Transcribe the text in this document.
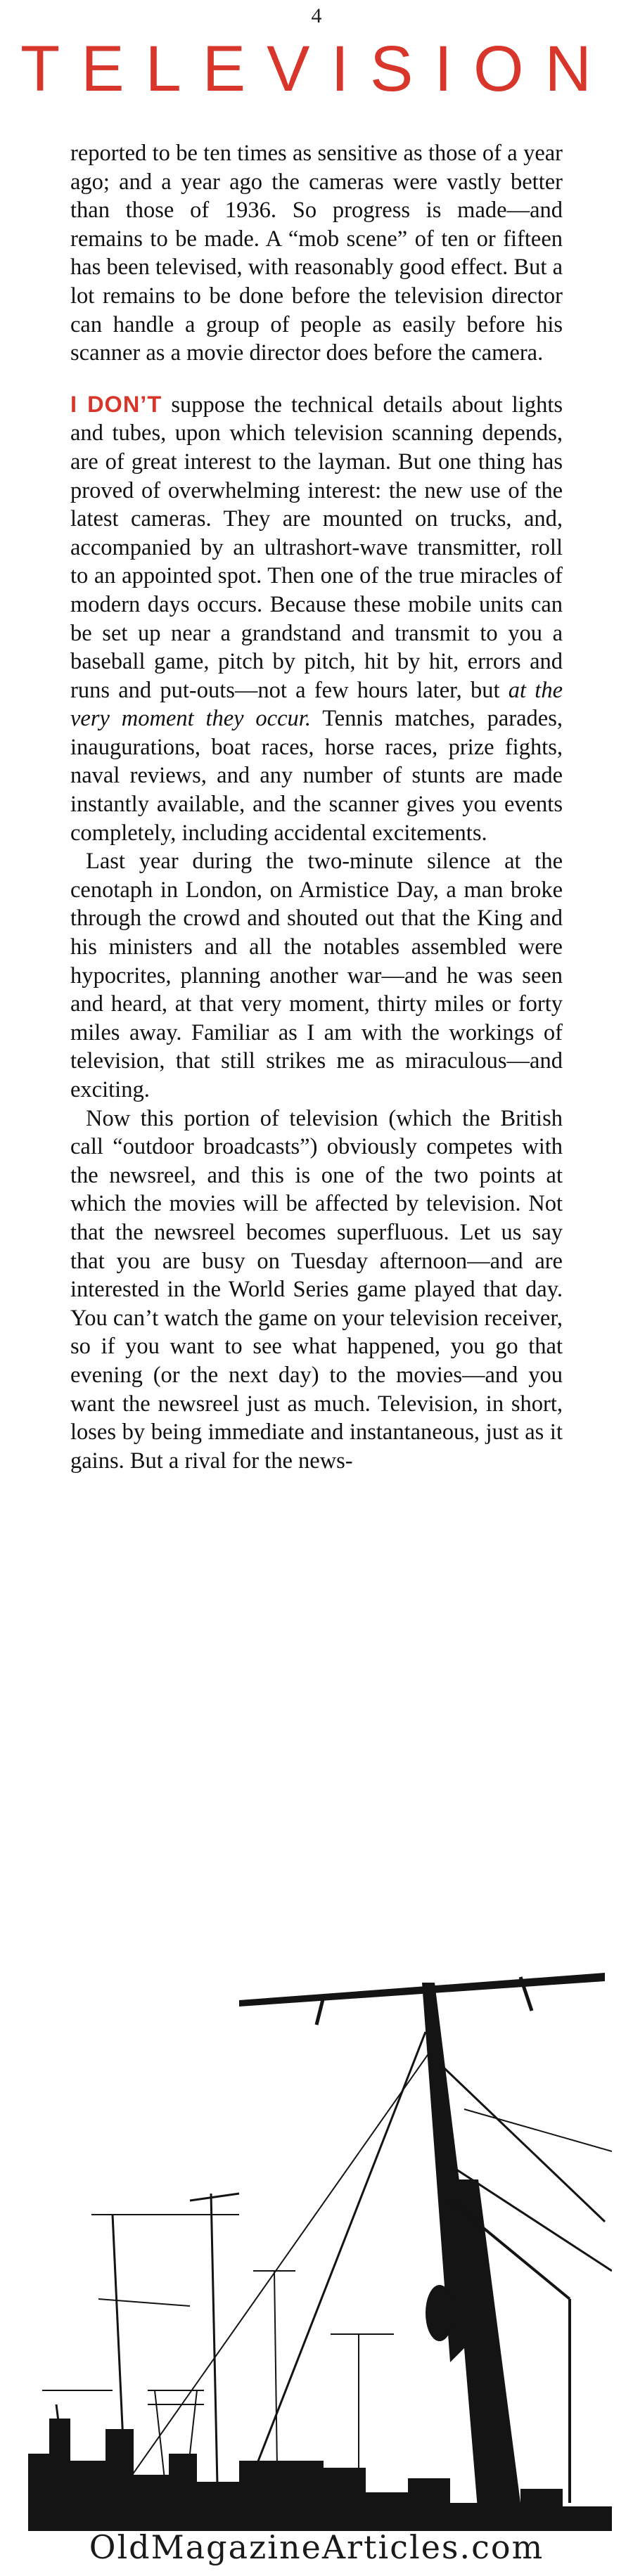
4
TELEVISION

reported to be ten times as sensitive as those of a year ago; and a year ago the cameras were vastly better than those of 1936. So progress is made—and remains to be made. A “mob scene” of ten or fifteen has been televised, with reasonably good effect. But a lot remains to be done before the television director can handle a group of people as easily before his scanner as a movie director does before the camera.

I DON’T suppose the technical details about lights and tubes, upon which television scanning depends, are of great interest to the layman. But one thing has proved of overwhelming interest: the new use of the latest cameras. They are mounted on trucks, and, accompanied by an ultrashort-wave transmitter, roll to an appointed spot. Then one of the true miracles of modern days occurs. Because these mobile units can be set up near a grandstand and transmit to you a baseball game, pitch by pitch, hit by hit, errors and runs and put-outs—not a few hours later, but at the very moment they occur. Tennis matches, parades, inaugurations, boat races, horse races, prize fights, naval reviews, and any number of stunts are made instantly available, and the scanner gives you events completely, including accidental excitements.

Last year during the two-minute silence at the cenotaph in London, on Armistice Day, a man broke through the crowd and shouted out that the King and his ministers and all the notables assembled were hypocrites, planning another war—and he was seen and heard, at that very moment, thirty miles or forty miles away. Familiar as I am with the workings of television, that still strikes me as miraculous—and exciting.

Now this portion of television (which the British call “outdoor broadcasts”) obviously competes with the newsreel, and this is one of the two points at which the movies will be affected by television. Not that the newsreel becomes superfluous. Let us say that you are busy on Tuesday afternoon—and are interested in the World Series game played that day. You can’t watch the game on your television receiver, so if you want to see what happened, you go that evening (or the next day) to the movies—and you want the newsreel just as much. Television, in short, loses by being immediate and instantaneous, just as it gains. But a rival for the news-

OldMagazineArticles.com
